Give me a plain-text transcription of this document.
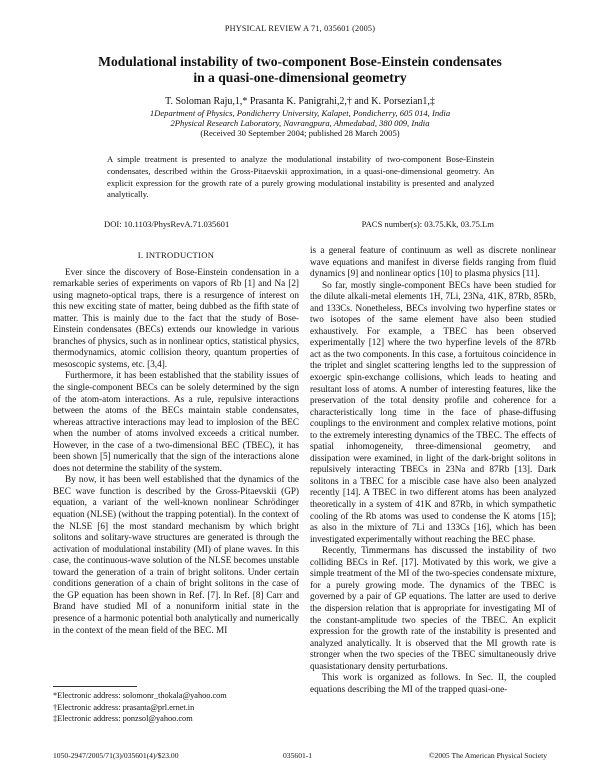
PHYSICAL REVIEW A 71, 035601 (2005)
Modulational instability of two-component Bose-Einstein condensates
in a quasi-one-dimensional geometry
T. Soloman Raju,1,* Prasanta K. Panigrahi,2,† and K. Porsezian1,‡
1Department of Physics, Pondicherry University, Kalapet, Pondicherry, 605 014, India
2Physical Research Laboratory, Navrangpura, Ahmedabad, 380 009, India
(Received 30 September 2004; published 28 March 2005)
A simple treatment is presented to analyze the modulational instability of two-component Bose-Einstein condensates, described within the Gross-Pitaevskii approximation, in a quasi-one-dimensional geometry. An explicit expression for the growth rate of a purely growing modulational instability is presented and analyzed analytically.
DOI: 10.1103/PhysRevA.71.035601	PACS number(s): 03.75.Kk, 03.75.Lm

I. INTRODUCTION

Ever since the discovery of Bose-Einstein condensation in a remarkable series of experiments on vapors of Rb [1] and Na [2] using magneto-optical traps, there is a resurgence of interest on this new exciting state of matter, being dubbed as the fifth state of matter. This is mainly due to the fact that the study of Bose-Einstein condensates (BECs) extends our knowledge in various branches of physics, such as in nonlinear optics, statistical physics, thermodynamics, atomic collision theory, quantum properties of mesoscopic systems, etc. [3,4].

Furthermore, it has been established that the stability issues of the single-component BECs can be solely determined by the sign of the atom-atom interactions. As a rule, repulsive interactions between the atoms of the BECs maintain stable condensates, whereas attractive interactions may lead to implosion of the BEC when the number of atoms involved exceeds a critical number. However, in the case of a two-dimensional BEC (TBEC), it has been shown [5] numerically that the sign of the interactions alone does not determine the stability of the system.

By now, it has been well established that the dynamics of the BEC wave function is described by the Gross-Pitaevskii (GP) equation, a variant of the well-known nonlinear Schrödinger equation (NLSE) (without the trapping potential). In the context of the NLSE [6] the most standard mechanism by which bright solitons and solitary-wave structures are generated is through the activation of modulational instability (MI) of plane waves. In this case, the continuous-wave solution of the NLSE becomes unstable toward the generation of a train of bright solitons. Under certain conditions generation of a chain of bright solitons in the case of the GP equation has been shown in Ref. [7]. In Ref. [8] Carr and Brand have studied MI of a nonuniform initial state in the presence of a harmonic potential both analytically and numerically in the context of the mean field of the BEC. MI

is a general feature of continuum as well as discrete nonlinear wave equations and manifest in diverse fields ranging from fluid dynamics [9] and nonlinear optics [10] to plasma physics [11].

So far, mostly single-component BECs have been studied for the dilute alkali-metal elements 1H, 7Li, 23Na, 41K, 87Rb, 85Rb, and 133Cs. Nonetheless, BECs involving two hyperfine states or two isotopes of the same element have also been studied exhaustively. For example, a TBEC has been observed experimentally [12] where the two hyperfine levels of the 87Rb act as the two components. In this case, a fortuitous coincidence in the triplet and singlet scattering lengths led to the suppression of exoergic spin-exchange collisions, which leads to heating and resultant loss of atoms. A number of interesting features, like the preservation of the total density profile and coherence for a characteristically long time in the face of phase-diffusing couplings to the environment and complex relative motions, point to the extremely interesting dynamics of the TBEC. The effects of spatial inhomogeneity, three-dimensional geometry, and dissipation were examined, in light of the dark-bright solitons in repulsively interacting TBECs in 23Na and 87Rb [13]. Dark solitons in a TBEC for a miscible case have also been analyzed recently [14]. A TBEC in two different atoms has been analyzed theoretically in a system of 41K and 87Rb, in which sympathetic cooling of the Rb atoms was used to condense the K atoms [15]; as also in the mixture of 7Li and 133Cs [16], which has been investigated experimentally without reaching the BEC phase.

Recently, Timmermans has discussed the instability of two colliding BECs in Ref. [17]. Motivated by this work, we give a simple treatment of the MI of the two-species condensate mixture, for a purely growing mode. The dynamics of the TBEC is governed by a pair of GP equations. The latter are used to derive the dispersion relation that is appropriate for investigating MI of the constant-amplitude two species of the TBEC. An explicit expression for the growth rate of the instability is presented and analyzed analytically. It is observed that the MI growth rate is stronger when the two species of the TBEC simultaneously drive quasistationary density perturbations.

This work is organized as follows. In Sec. II, the coupled equations describing the MI of the trapped quasi-one-

*Electronic address: solomonr_thokala@yahoo.com
†Electronic address: prasanta@prl.ernet.in
‡Electronic address: ponzsol@yahoo.com
1050-2947/2005/71(3)/035601(4)/$23.00	035601-1	©2005 The American Physical Society
